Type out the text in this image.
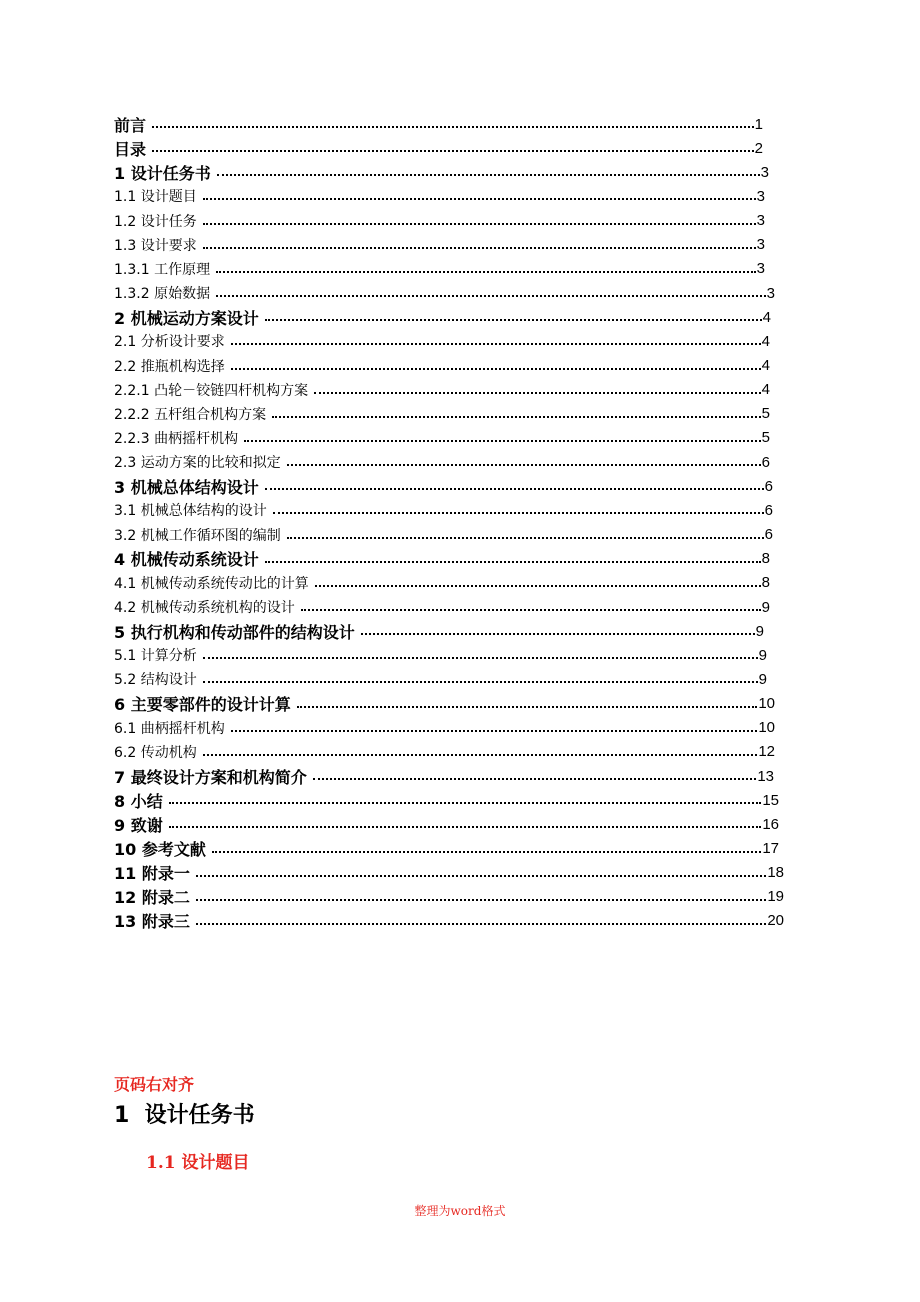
前言	1
目录	2
1 设计任务书	3
1.1 设计题目	3
1.2 设计任务	3
1.3 设计要求	3
1.3.1 工作原理	3
1.3.2 原始数据	3
2 机械运动方案设计	4
2.1 分析设计要求	4
2.2 推瓶机构选择	4
2.2.1 凸轮－铰链四杆机构方案	4
2.2.2 五杆组合机构方案	5
2.2.3 曲柄摇杆机构	5
2.3 运动方案的比较和拟定	6
3 机械总体结构设计	6
3.1 机械总体结构的设计	6
3.2 机械工作循环图的编制	6
4 机械传动系统设计	8
4.1 机械传动系统传动比的计算	8
4.2 机械传动系统机构的设计	9
5 执行机构和传动部件的结构设计	9
5.1 计算分析	9
5.2 结构设计	9
6 主要零部件的设计计算	10
6.1 曲柄摇杆机构	10
6.2 传动机构	12
7 最终设计方案和机构简介	13
8 小结	15
9 致谢	16
10 参考文献	17
11 附录一	18
12 附录二	19
13 附录三	20
页码右对齐
1  设计任务书
1.1 设计题目
整理为word格式
